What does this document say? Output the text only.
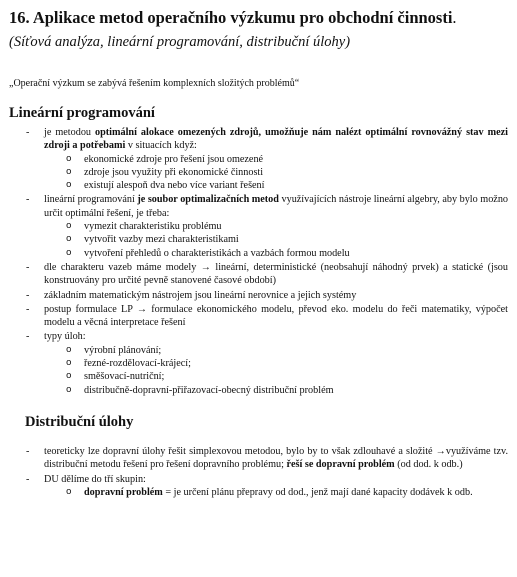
16. Aplikace metod operačního výzkumu pro obchodní činnosti.
(Síťová analýza, lineární programování, distribuční úlohy)
„Operační výzkum se zabývá řešením komplexních složitých problémů“
Lineární programování
- je metodou optimální alokace omezených zdrojů, umožňuje nám nalézt optimální rovnovážný stav mezi zdroji a potřebami v situacích když:
o ekonomické zdroje pro řešení jsou omezené
o zdroje jsou využity při ekonomické činnosti
o existují alespoň dva nebo více variant řešení
- lineární programování je soubor optimalizačních metod využívajících nástroje lineární algebry, aby bylo možno určit optimální řešení, je třeba:
o vymezit charakteristiku problému
o vytvořit vazby mezi charakteristikami
o vytvoření přehledů o charakteristikách a vazbách formou modelu
- dle charakteru vazeb máme modely → lineární, deterministické (neobsahují náhodný prvek) a statické (jsou konstruovány pro určité pevně stanovené časové období)
- základním matematickým nástrojem jsou lineární nerovnice a jejich systémy
- postup formulace LP → formulace ekonomického modelu, převod eko. modelu do řeči matematiky, výpočet modelu a věcná interpretace řešení
- typy úloh:
o výrobní plánování;
o řezné-rozdělovací-krájecí;
o směšovací-nutriční;
o distribučně-dopravní-přiřazovací-obecný distribuční problém
Distribuční úlohy
- teoreticky lze dopravní úlohy řešit simplexovou metodou, bylo by to však zdlouhavé a složité →využíváme tzv. distribuční metodu řešení pro řešení dopravního problému; řeší se dopravní problém (od dod. k odb.)
- DU dělíme do tří skupin:
o dopravní problém = je určení plánu přepravy od dod., jenž mají dané kapacity dodávek k odb.
